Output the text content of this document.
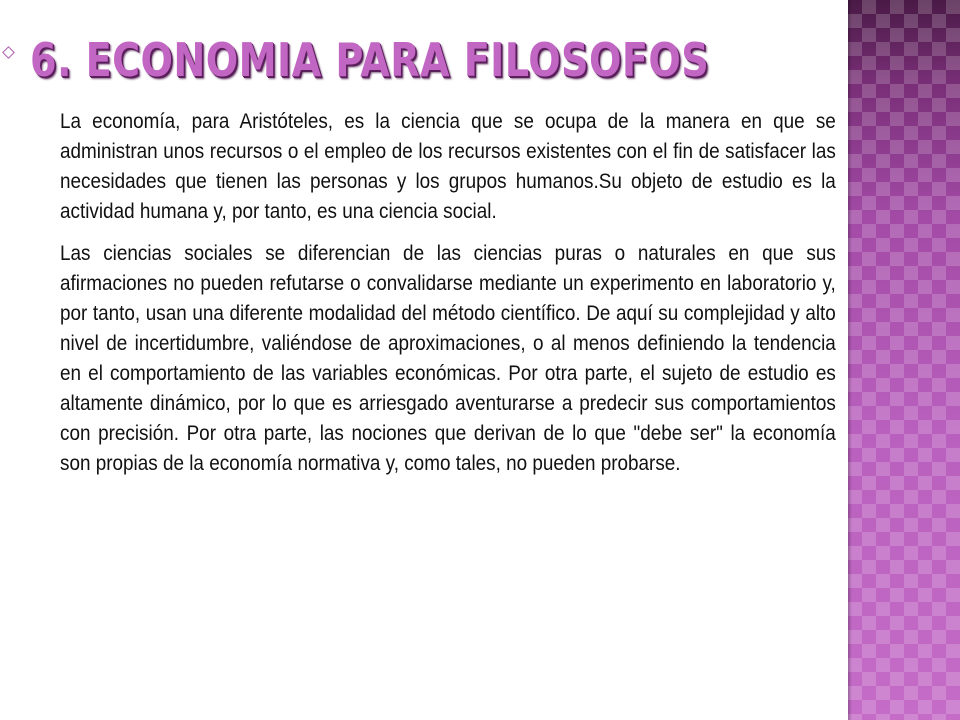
6. ECONOMIA PARA FILOSOFOS

La economía, para Aristóteles, es la ciencia que se ocupa de la manera en que se administran unos recursos o el empleo de los recursos existentes con el fin de satisfacer las necesidades que tienen las personas y los grupos humanos.Su objeto de estudio es la actividad humana y, por tanto, es una ciencia social.

Las ciencias sociales se diferencian de las ciencias puras o naturales en que sus afirmaciones no pueden refutarse o convalidarse mediante un experimento en laboratorio y, por tanto, usan una diferente modalidad del método científico. De aquí su complejidad y alto nivel de incertidumbre, valiéndose de aproximaciones, o al menos definiendo la tendencia en el comportamiento de las variables económicas. Por otra parte, el sujeto de estudio es altamente dinámico, por lo que es arriesgado aventurarse a predecir sus comportamientos con precisión. Por otra parte, las nociones que derivan de lo que "debe ser" la economía son propias de la economía normativa y, como tales, no pueden probarse.
